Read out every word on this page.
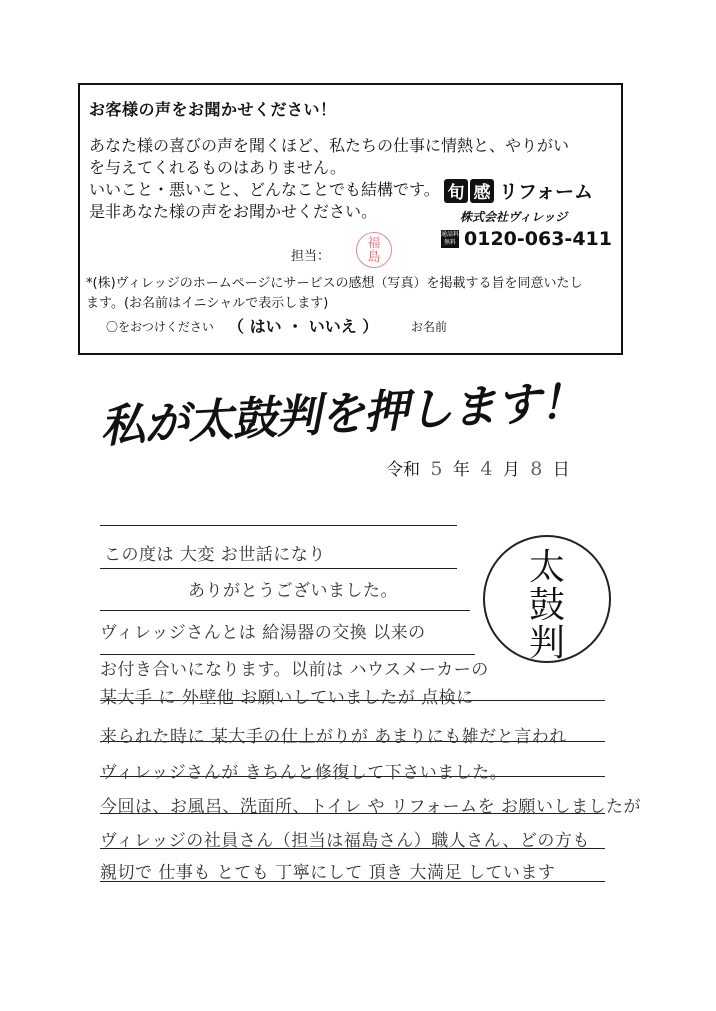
お客様の声をお聞かせください！
あなた様の喜びの声を聞くほど、私たちの仕事に情熱と、やりがい
を与えてくれるものはありません。
いいこと・悪いこと、どんなことでも結構です。
是非あなた様の声をお聞かせください。
旬 感 リフォーム
株式会社ヴィレッジ
通話料無料 0120-063-411
担当：
福
島
*(株)ヴィレッジのホームページにサービスの感想（写真）を掲載する旨を同意いたし
ます。(お名前はイニシャルで表示します)
〇をおつけください （ はい ・ いいえ ）	お名前
私が太鼓判を押します！
令和 5 年 4 月 8 日
この度は 大変 お世話になり
ありがとうございました。
ヴィレッジさんとは 給湯器の交換 以来の
お付き合いになります。以前は ハウスメーカーの
某大手 に 外壁他 お願いしていましたが 点検に
来られた時に 某大手の仕上がりが あまりにも雑だと言われ
ヴィレッジさんが きちんと修復して下さいました。
今回は、お風呂、洗面所、トイレ や リフォームを お願いしましたが
ヴィレッジの社員さん（担当は福島さん）職人さん、どの方も
親切で 仕事も とても 丁寧にして 頂き 大満足 しています
太
鼓
判
